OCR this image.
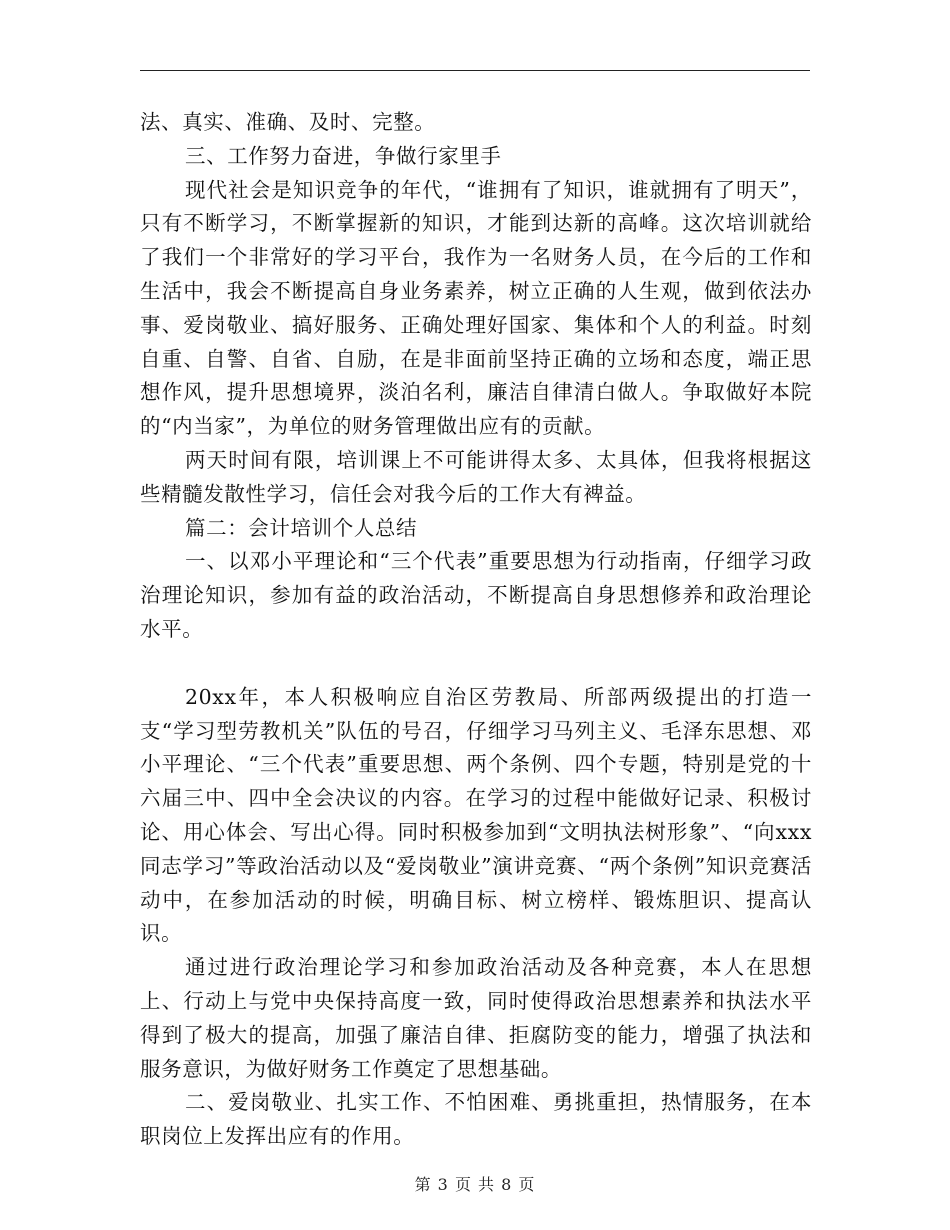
法、真实、准确、及时、完整。

三、工作努力奋进，争做行家里手

现代社会是知识竞争的年代，“谁拥有了知识，谁就拥有了明天”，只有不断学习，不断掌握新的知识，才能到达新的高峰。这次培训就给了我们一个非常好的学习平台，我作为一名财务人员，在今后的工作和生活中，我会不断提高自身业务素养，树立正确的人生观，做到依法办事、爱岗敬业、搞好服务、正确处理好国家、集体和个人的利益。时刻自重、自警、自省、自励，在是非面前坚持正确的立场和态度，端正思想作风，提升思想境界，淡泊名利，廉洁自律清白做人。争取做好本院的“内当家”，为单位的财务管理做出应有的贡献。

两天时间有限，培训课上不可能讲得太多、太具体，但我将根据这些精髓发散性学习，信任会对我今后的工作大有裨益。

篇二：会计培训个人总结

一、以邓小平理论和“三个代表”重要思想为行动指南，仔细学习政治理论知识，参加有益的政治活动，不断提高自身思想修养和政治理论水平。

20xx年，本人积极响应自治区劳教局、所部两级提出的打造一支“学习型劳教机关”队伍的号召，仔细学习马列主义、毛泽东思想、邓小平理论、“三个代表”重要思想、两个条例、四个专题，特别是党的十六届三中、四中全会决议的内容。在学习的过程中能做好记录、积极讨论、用心体会、写出心得。同时积极参加到“文明执法树形象”、“向xxx同志学习”等政治活动以及“爱岗敬业”演讲竞赛、“两个条例”知识竞赛活动中，在参加活动的时候，明确目标、树立榜样、锻炼胆识、提高认识。

通过进行政治理论学习和参加政治活动及各种竞赛，本人在思想上、行动上与党中央保持高度一致，同时使得政治思想素养和执法水平得到了极大的提高，加强了廉洁自律、拒腐防变的能力，增强了执法和服务意识，为做好财务工作奠定了思想基础。

二、爱岗敬业、扎实工作、不怕困难、勇挑重担，热情服务，在本职岗位上发挥出应有的作用。

第 3 页 共 8 页
